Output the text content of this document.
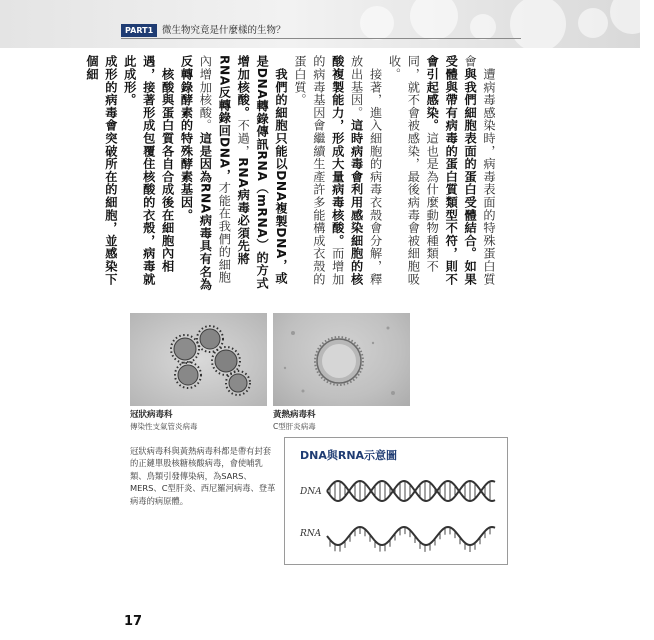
PART1 微生物究竟是什麼樣的生物？

　遭病毒感染時，病毒表面的特殊蛋白質會與我們細胞表面的蛋白受體結合。如果受體與帶有病毒的蛋白質類型不符，則不會引起感染。這也是為什麼動物種類不同，就不會被感染，最後病毒會被細胞吸收。

　接著，進入細胞的病毒衣殼會分解，釋放出基因。這時病毒會利用感染細胞的核酸複製能力，形成大量病毒核酸。而增加的病毒基因會繼續生產許多能構成衣殼的蛋白質。

　我們的細胞只能以DNA複製DNA，或是DNA轉錄傳訊RNA（mRNA）的方式增加核酸。不過，RNA病毒必須先將RNA反轉錄回DNA，才能在我們的細胞內增加核酸。這是因為RNA病毒具有名為反轉錄酵素的特殊酵素基因。

　核酸與蛋白質各自合成後在細胞內相遇，接著形成包覆住核酸的衣殼，病毒就此成形。

成形的病毒會突破所在的細胞，並感染下個細

冠狀病毒科
傳染性支氣管炎病毒
黃熱病毒科
C型肝炎病毒
冠狀病毒科與黃熱病毒科都是帶有封套的正鏈單股核糖核酸病毒，會使哺乳類、鳥類引發傳染病，為SARS、MERS、C型肝炎、西尼羅河病毒、登革病毒的病原體。
DNA與RNA示意圖
DNA
RNA
17
